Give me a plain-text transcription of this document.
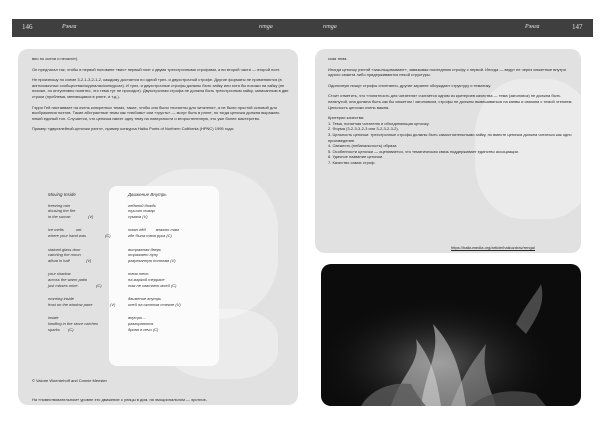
146	Рэнга	renga	renga	Рэнга	147

вио по осени и печали»).

Он предлагал так, чтобы в первой половине «вио» первый поэт с двумя трехстрочными строфами, а во второй части — второй поэт.

Не произношу по схеме 3-2-1-3-2-1-2, каждому достается по одной трех- и двухстрочной строфе. Другие форматы не применяются (в англоязычных сообществах/журналах/конкурсах). И трех- и двухстрочные строфы должны быть хайку или хотя бы похожи на хайку (не похоже, но интуитивно понятно, что тема тут не проходит). Двухстрочная строфа не должна быть трехстрочным хайку, записанным в две строки (проблема, меняющаяся в рэнге, и т.д.).

Гэрри Гей настаивает на очень конкретных темах, такие, чтобы они были «понятны для читателя», а не были простой основой для воображения поэтов. Такие абстрактные темы как «любовь» или «грусть» — могут быть в рэнге, но тогда цепочка должна выражать некий единый тон. Случается, что цепочка имеет одну тему на поверхности и второстепенную, это уже более мастерство.

Пример «двухэлейной-цепочки рэнгэ», пример конкурса Haiku Poets of Northern California (HPNC) 1995 года:

Moving Inside
freezing rain
dousing the fire
in the sumac	(V)
ice melts	unt
where your hand was	(C)
stained glass door
catching the moon
afloat in half	(V)
your shadow
across the warm patio
just misses mine	(C)
morning inside
frost on the window pane	(V)
inside
kindling in the stove catches
sparks	(C)
Движение Внутрь
ледяной дождь
тушит пожар
сумаха (V)
таял лёд	влажно там
где была твоя рука (C)
витражная дверь
отражает луну
разрезанную пополам (V)
твоя тень
на жаркой террасе
так не хватает моей (C)
движение внутрь
иней на оконном стекле (V)
внутри ...
разгораются
дрова в печи (C)
© Valorie Woerdehoff and Connie Meester
На «повествовательном» уровне это движение с улицы в дом, на эмоциональном — эротиче-

ская тема.

Иногда цепочку рэнгэй «закольцовывают», завязывая последнюю строфу с первой. Иногда — ведут ее через сюжетные внутри одного сюжета либо придерживаются некой структуры.

Одиночную пишут строфы спонтанно, другие заранее обсуждают структуру и тематику.

Стоит отметить, что «понятность для читателя» считается одним из критериев качества — тема (заголовок) не должна быть натянутой, она должна быть как бы сюжетом / заголовком, строфы не должны вывешиваться на канвы и связана с темой чтением. Цельность цепочки очень важна.

Критерии качества:
1. Тема, понятная читателю и объединяющая цепочку.
2. Форма (3-2-3-3-2-3 или 3-2-3-2-3-2).
3. Цельность цепочки: трехстрочные строфы должны быть самостоятельными хайку, но вместе цепочка должна читаться как одно произведение.
4. Свежесть (небанальность) образа.
5. Особенности цепочки — оценивается, что тематическая связь поддерживает единство ассоциации.
6. Удачное название цепочки.
7. Качество самих строф.
https://haikumedia.org/article/haikuzdrav/renga/
